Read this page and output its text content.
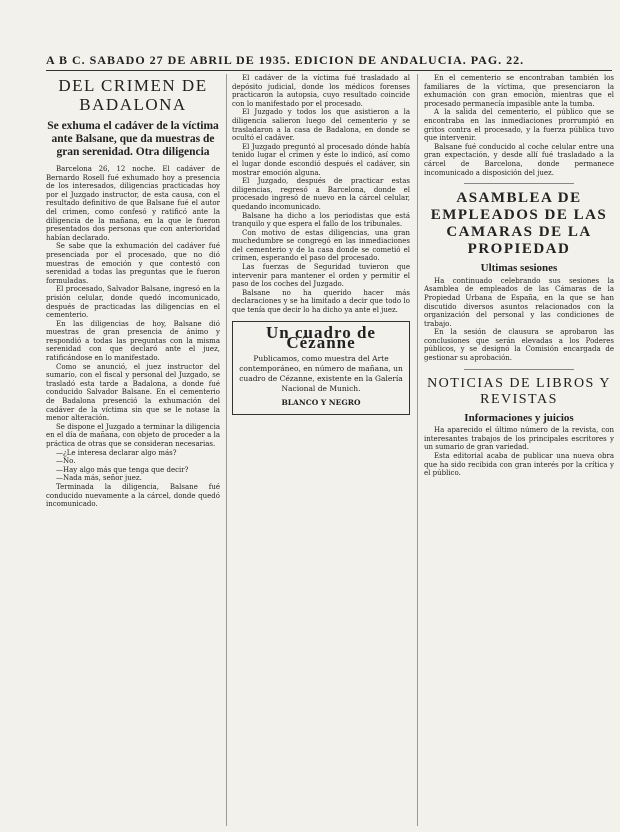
A B C. SABADO 27 DE ABRIL DE 1935. EDICION DE ANDALUCIA. PAG. 22.
DEL CRIMEN DE
BADALONA
Se exhuma el cadáver de la víctima ante Balsane, que da muestras de gran serenidad. Otra diligencia

Barcelona 26, 12 noche. El cadáver de Bernardo Rosell fué exhumado hoy a presencia de los interesados, diligencias practicadas hoy por el Juzgado instructor, de esta causa, con el resultado definitivo de que Balsane fué el autor del crimen, como confesó y ratificó ante la diligencia de la mañana, en la que le fueron presentados dos personas que con anterioridad habían declarado.

Se sabe que la exhumación del cadáver fué presenciada por el procesado, que no dió muestras de emoción y que contestó con serenidad a todas las preguntas que le fueron formuladas.

El procesado, Salvador Balsane, ingresó en la prisión celular, donde quedó incomunicado, después de practicadas las diligencias en el cementerio.

En las diligencias de hoy, Balsane dió muestras de gran presencia de ánimo y respondió a todas las preguntas con la misma serenidad con que declaró ante el juez, ratificándose en lo manifestado.

Como se anunció, el juez instructor del sumario, con el fiscal y personal del Juzgado, se trasladó esta tarde a Badalona, a donde fué conducido Salvador Balsane. En el cementerio de Badalona presenció la exhumación del cadáver de la víctima sin que se le notase la menor alteración.

Se dispone el Juzgado a terminar la diligencia en el día de mañana, con objeto de proceder a la práctica de otras que se consideran necesarias.

—¿Le interesa declarar algo más?

—No.

—Hay algo más que tenga que decir?

—Nada más, señor juez.

Terminada la diligencia, Balsane fué conducido nuevamente a la cárcel, donde quedó incomunicado.

El cadáver de la víctima fué trasladado al depósito judicial, donde los médicos forenses practicaron la autopsia, cuyo resultado coincide con lo manifestado por el procesado.

El Juzgado y todos los que asistieron a la diligencia salieron luego del cementerio y se trasladaron a la casa de Badalona, en donde se ocultó el cadáver.

El Juzgado preguntó al procesado dónde había tenido lugar el crimen y éste lo indicó, así como el lugar donde escondió después el cadáver, sin mostrar emoción alguna.

El Juzgado, después de practicar estas diligencias, regresó a Barcelona, donde el procesado ingresó de nuevo en la cárcel celular, quedando incomunicado.

Balsane ha dicho a los periodistas que está tranquilo y que espera el fallo de los tribunales.

Con motivo de estas diligencias, una gran muchedumbre se congregó en las inmediaciones del cementerio y de la casa donde se cometió el crimen, esperando el paso del procesado.

Las fuerzas de Seguridad tuvieron que intervenir para mantener el orden y permitir el paso de los coches del Juzgado.

Balsane no ha querido hacer más declaraciones y se ha limitado a decir que todo lo que tenía que decir lo ha dicho ya ante el juez.

Un cuadro de Cézanne
Publicamos, como muestra del Arte contemporáneo, en número de mañana, un cuadro de Cézanne, existente en la Galería Nacional de Munich.
BLANCO Y NEGRO

En el cementerio se encontraban también los familiares de la víctima, que presenciaron la exhumación con gran emoción, mientras que el procesado permanecía impasible ante la tumba.

A la salida del cementerio, el público que se encontraba en las inmediaciones prorrumpió en gritos contra el procesado, y la fuerza pública tuvo que intervenir.

Balsane fué conducido al coche celular entre una gran expectación, y desde allí fué trasladado a la cárcel de Barcelona, donde permanece incomunicado a disposición del juez.

ASAMBLEA DE EMPLEADOS DE LAS CAMARAS DE LA PROPIEDAD
Ultimas sesiones

Ha continuado celebrando sus sesiones la Asamblea de empleados de las Cámaras de la Propiedad Urbana de España, en la que se han discutido diversos asuntos relacionados con la organización del personal y las condiciones de trabajo.

En la sesión de clausura se aprobaron las conclusiones que serán elevadas a los Poderes públicos, y se designó la Comisión encargada de gestionar su aprobación.

NOTICIAS DE LIBROS Y REVISTAS
Informaciones y juicios

Ha aparecido el último número de la revista, con interesantes trabajos de los principales escritores y un sumario de gran variedad.

Esta editorial acaba de publicar una nueva obra que ha sido recibida con gran interés por la crítica y el público.
